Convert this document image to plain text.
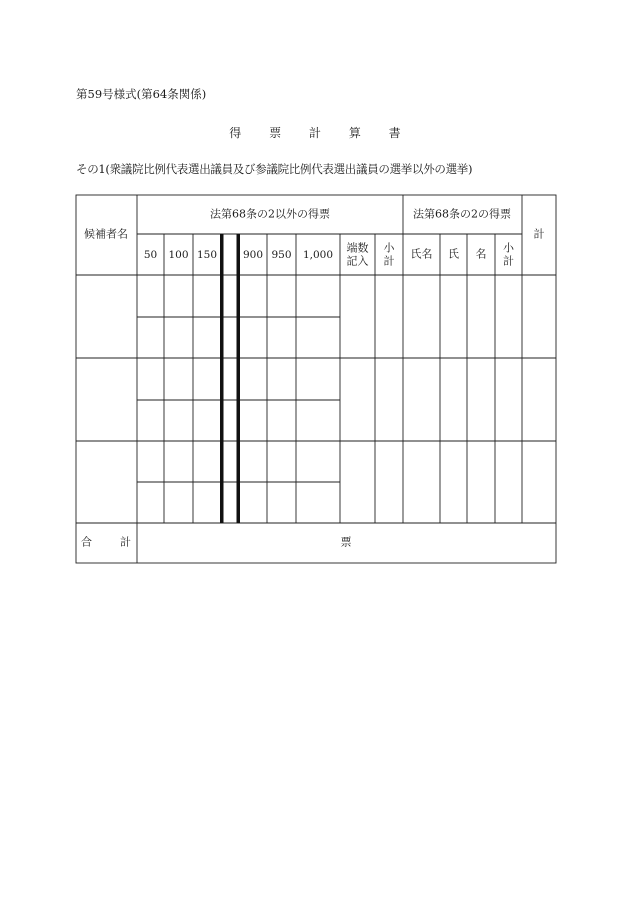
第59号様式(第64条関係)
得 票 計 算 書
その1(衆議院比例代表選出議員及び参議院比例代表選出議員の選挙以外の選挙)
候補者名
法第68条の2以外の得票	法第68条の2の得票
計
50 100 150 900 950 1,000
端数
記入
小
計 氏名 氏 名 小
計
合計	票
